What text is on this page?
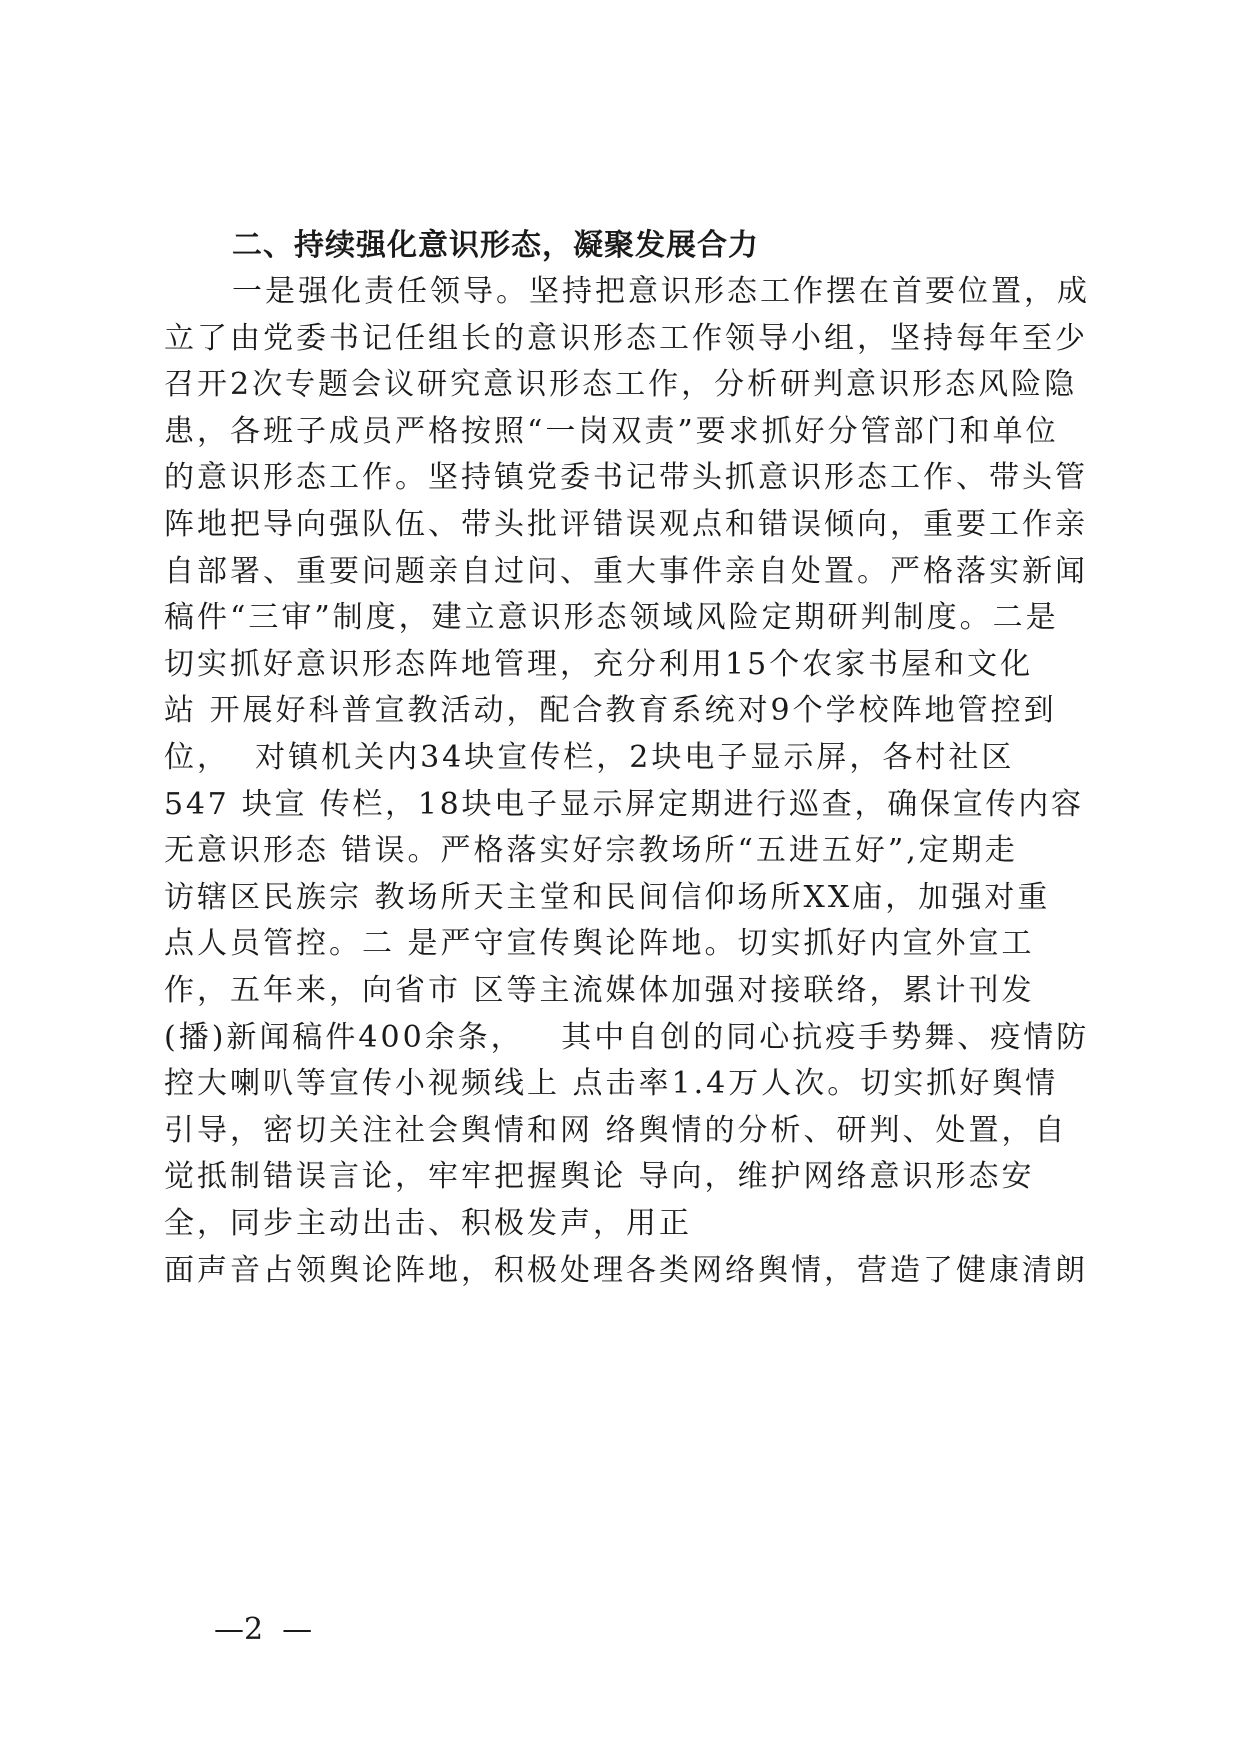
二、持续强化意识形态，凝聚发展合力
一是强化责任领导。坚持把意识形态工作摆在首要位置，成
立了由党委书记任组长的意识形态工作领导小组，坚持每年至少
召开2次专题会议研究意识形态工作，分析研判意识形态风险隐
患，各班子成员严格按照“一岗双责”要求抓好分管部门和单位
的意识形态工作。坚持镇党委书记带头抓意识形态工作、带头管
阵地把导向强队伍、带头批评错误观点和错误倾向，重要工作亲
自部署、重要问题亲自过问、重大事件亲自处置。严格落实新闻
稿件“三审”制度，建立意识形态领域风险定期研判制度。二是
切实抓好意识形态阵地管理，充分利用15个农家书屋和文化
站 开展好科普宣教活动，配合教育系统对9个学校阵地管控到
位，  对镇机关内34块宣传栏，2块电子显示屏，各村社区
547 块宣 传栏，18块电子显示屏定期进行巡查，确保宣传内容
无意识形态 错误。严格落实好宗教场所“五进五好”,定期走
访辖区民族宗 教场所天主堂和民间信仰场所XX庙，加强对重
点人员管控。二 是严守宣传舆论阵地。切实抓好内宣外宣工
作，五年来，向省市 区等主流媒体加强对接联络，累计刊发
(播)新闻稿件400余条，   其中自创的同心抗疫手势舞、疫情防
控大喇叭等宣传小视频线上 点击率1.4万人次。切实抓好舆情
引导，密切关注社会舆情和网 络舆情的分析、研判、处置，自
觉抵制错误言论，牢牢把握舆论 导向，维护网络意识形态安
全，同步主动出击、积极发声，用正
面声音占领舆论阵地，积极处理各类网络舆情，营造了健康清朗
—2  —
